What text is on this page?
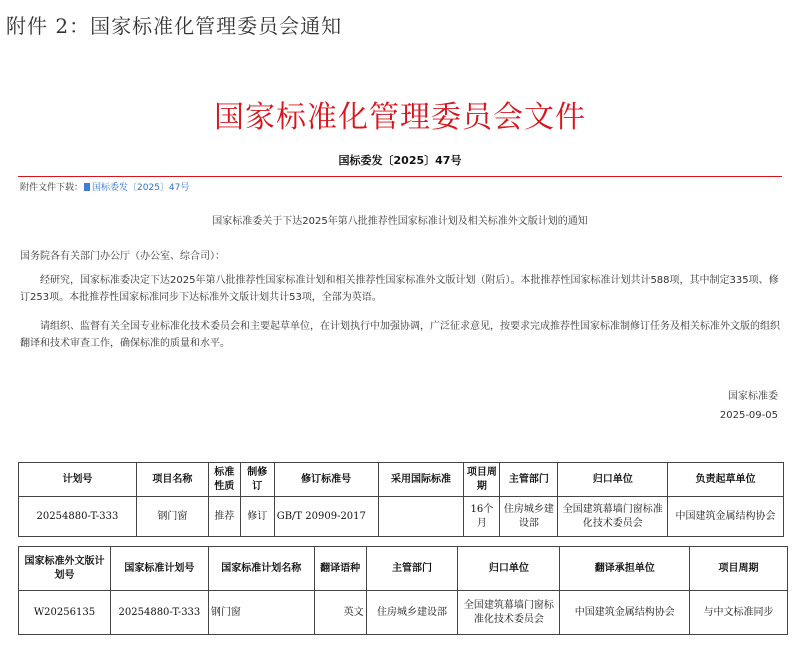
附件 2：国家标准化管理委员会通知
国家标准化管理委员会文件
国标委发〔2025〕47号
附件文件下载： 国标委发〔2025〕47号
国家标准委关于下达2025年第八批推荐性国家标准计划及相关标准外文版计划的通知
国务院各有关部门办公厅（办公室、综合司）：
经研究，国家标准委决定下达2025年第八批推荐性国家标准计划和相关推荐性国家标准外文版计划（附后）。本批推荐性国家标准计划共计588项，其中制定335项、修订253项。本批推荐性国家标准同步下达标准外文版计划共计53项，全部为英语。
请组织、监督有关全国专业标准化技术委员会和主要起草单位，在计划执行中加强协调，广泛征求意见，按要求完成推荐性国家标准制修订任务及相关标准外文版的组织翻译和技术审查工作，确保标准的质量和水平。
国家标准委
2025-09-05
计划号	项目名称	标准性质	制修订	修订标准号	采用国际标准	项目周期	主管部门	归口单位	负责起草单位
20254880-T-333	钢门窗	推荐	修订	GB/T 20909-2017		16个月	住房城乡建设部	全国建筑幕墙门窗标准化技术委员会	中国建筑金属结构协会
国家标准外文版计划号	国家标准计划号	国家标准计划名称	翻译语种	主管部门	归口单位	翻译承担单位	项目周期
W20256135	20254880-T-333	钢门窗	英文	住房城乡建设部	全国建筑幕墙门窗标准化技术委员会	中国建筑金属结构协会	与中文标准同步
